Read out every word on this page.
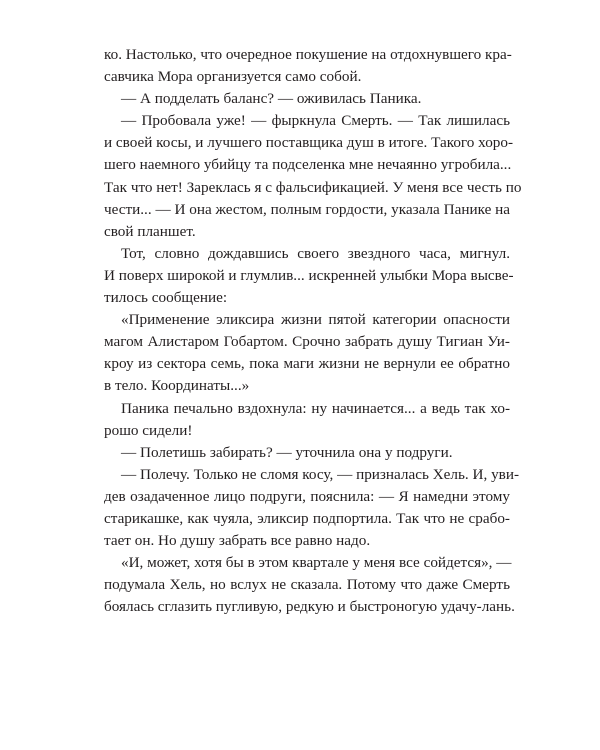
ко. Настолько, что очередное покушение на отдохнувшего кра-
савчика Мора организуется само собой.
— А подделать баланс? — оживилась Паника.
— Пробовала уже! — фыркнула Смерть. — Так лишилась
и своей косы, и лучшего поставщика душ в итоге. Такого хоро-
шего наемного убийцу та подселенка мне нечаянно угробила...
Так что нет! Зареклась я с фальсификацией. У меня все честь по
чести... — И она жестом, полным гордости, указала Панике на
свой планшет.
Тот, словно дождавшись своего звездного часа, мигнул.
И поверх широкой и глумлив... искренней улыбки Мора высве-
тилось сообщение:
«Применение эликсира жизни пятой категории опасности
магом Алистаром Гобартом. Срочно забрать душу Тигиан Уи-
кроу из сектора семь, пока маги жизни не вернули ее обратно
в тело. Координаты...»
Паника печально вздохнула: ну начинается... а ведь так хо-
рошо сидели!
— Полетишь забирать? — уточнила она у подруги.
— Полечу. Только не сломя косу, — призналась Хель. И, уви-
дев озадаченное лицо подруги, пояснила: — Я намедни этому
старикашке, как чуяла, эликсир подпортила. Так что не срабо-
тает он. Но душу забрать все равно надо.
«И, может, хотя бы в этом квартале у меня все сойдется», —
подумала Хель, но вслух не сказала. Потому что даже Смерть
боялась сглазить пугливую, редкую и быстроногую удачу-лань.
